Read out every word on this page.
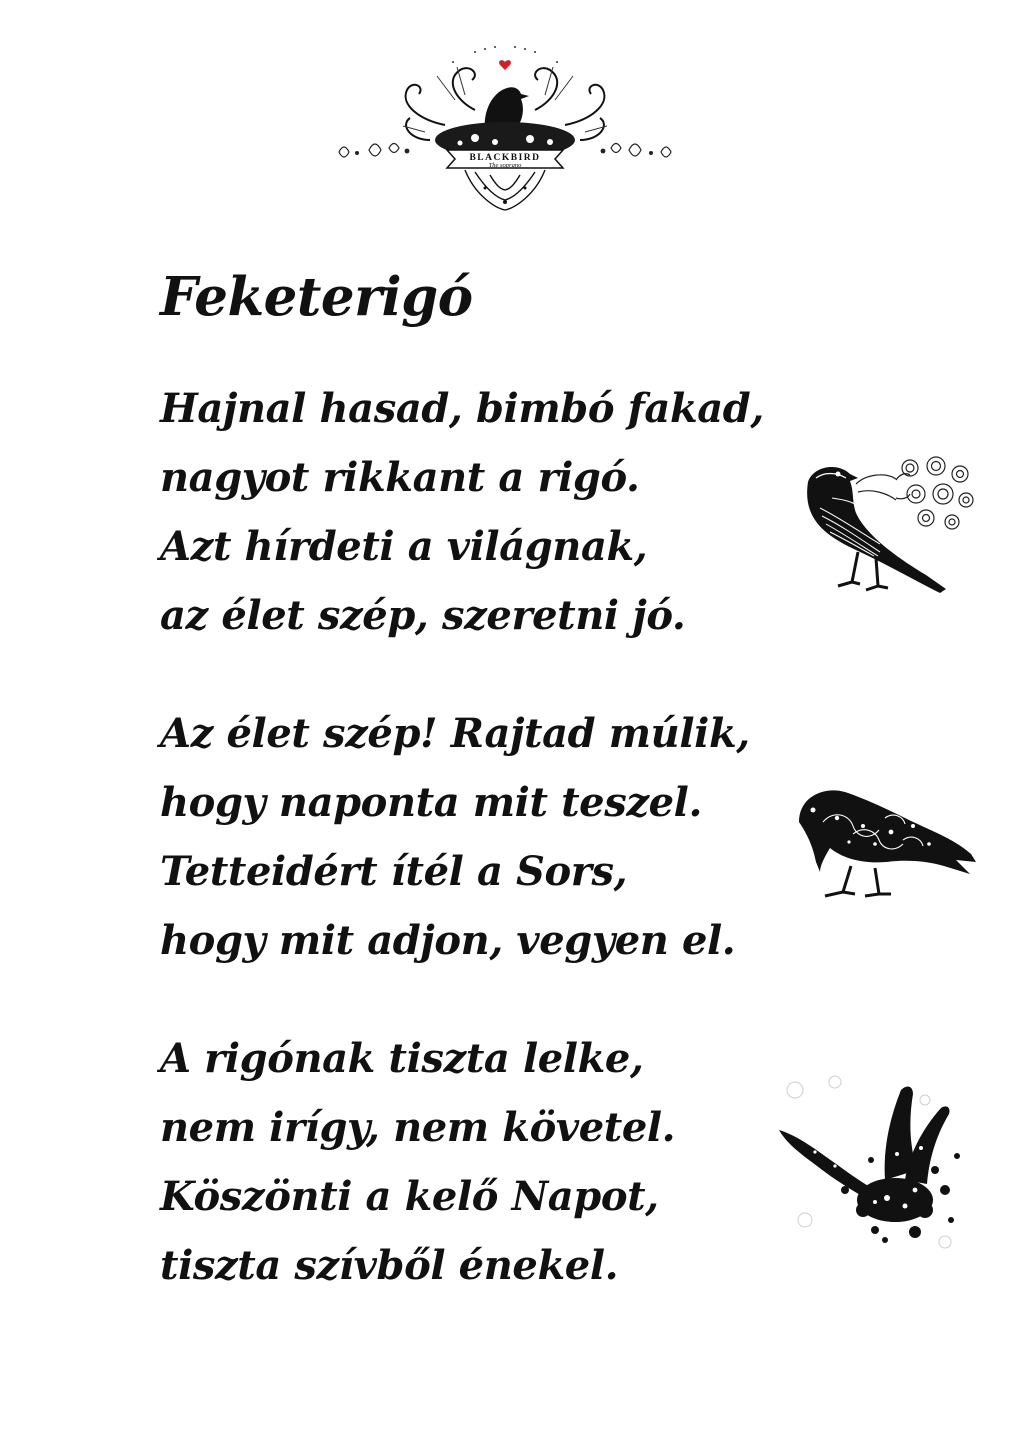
BLACKBIRD
The soprano
Feketerigó

Hajnal hasad, bimbó fakad,
nagyot rikkant a rigó.
Azt hírdeti a világnak,
az élet szép, szeretni jó.

Az élet szép! Rajtad múlik,
hogy naponta mit teszel.
Tetteidért ítél a Sors,
hogy mit adjon, vegyen el.

A rigónak tiszta lelke,
nem irígy, nem követel.
Köszönti a kelő Napot,
tiszta szívből énekel.
